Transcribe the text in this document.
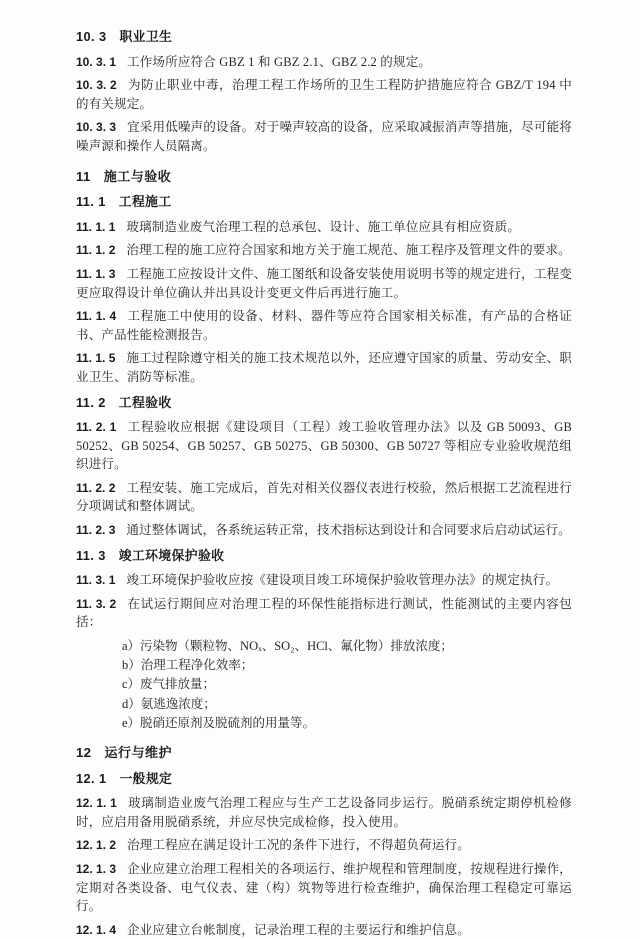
10. 3 职业卫生
10. 3. 1 工作场所应符合 GBZ 1 和 GBZ 2.1、GBZ 2.2 的规定。
10. 3. 2 为防止职业中毒，治理工程工作场所的卫生工程防护措施应符合 GBZ/T 194 中的有关规定。
10. 3. 3 宜采用低噪声的设备。对于噪声较高的设备，应采取减振消声等措施，尽可能将噪声源和操作人员隔离。
11 施工与验收
11. 1 工程施工
11. 1. 1 玻璃制造业废气治理工程的总承包、设计、施工单位应具有相应资质。
11. 1. 2 治理工程的施工应符合国家和地方关于施工规范、施工程序及管理文件的要求。
11. 1. 3 工程施工应按设计文件、施工图纸和设备安装使用说明书等的规定进行，工程变更应取得设计单位确认并出具设计变更文件后再进行施工。
11. 1. 4 工程施工中使用的设备、材料、器件等应符合国家相关标准，有产品的合格证书、产品性能检测报告。
11. 1. 5 施工过程除遵守相关的施工技术规范以外，还应遵守国家的质量、劳动安全、职业卫生、消防等标准。
11. 2 工程验收
11. 2. 1 工程验收应根据《建设项目（工程）竣工验收管理办法》以及 GB 50093、GB 50252、GB 50254、GB 50257、GB 50275、GB 50300、GB 50727 等相应专业验收规范组织进行。
11. 2. 2 工程安装、施工完成后，首先对相关仪器仪表进行校验，然后根据工艺流程进行分项调试和整体调试。
11. 2. 3 通过整体调试，各系统运转正常，技术指标达到设计和合同要求后启动试运行。
11. 3 竣工环境保护验收
11. 3. 1 竣工环境保护验收应按《建设项目竣工环境保护验收管理办法》的规定执行。
11. 3. 2 在试运行期间应对治理工程的环保性能指标进行测试，性能测试的主要内容包括：
a）污染物（颗粒物、NOₓ、SO₂、HCl、氟化物）排放浓度；
b）治理工程净化效率；
c）废气排放量；
d）氨逃逸浓度；
e）脱硝还原剂及脱硫剂的用量等。
12 运行与维护
12. 1 一般规定
12. 1. 1 玻璃制造业废气治理工程应与生产工艺设备同步运行。脱硝系统定期停机检修时，应启用备用脱硝系统，并应尽快完成检修，投入使用。
12. 1. 2 治理工程应在满足设计工况的条件下进行，不得超负荷运行。
12. 1. 3 企业应建立治理工程相关的各项运行、维护规程和管理制度，按规程进行操作，定期对各类设备、电气仪表、建（构）筑物等进行检查维护，确保治理工程稳定可靠运行。
12. 1. 4 企业应建立台帐制度，记录治理工程的主要运行和维护信息。
